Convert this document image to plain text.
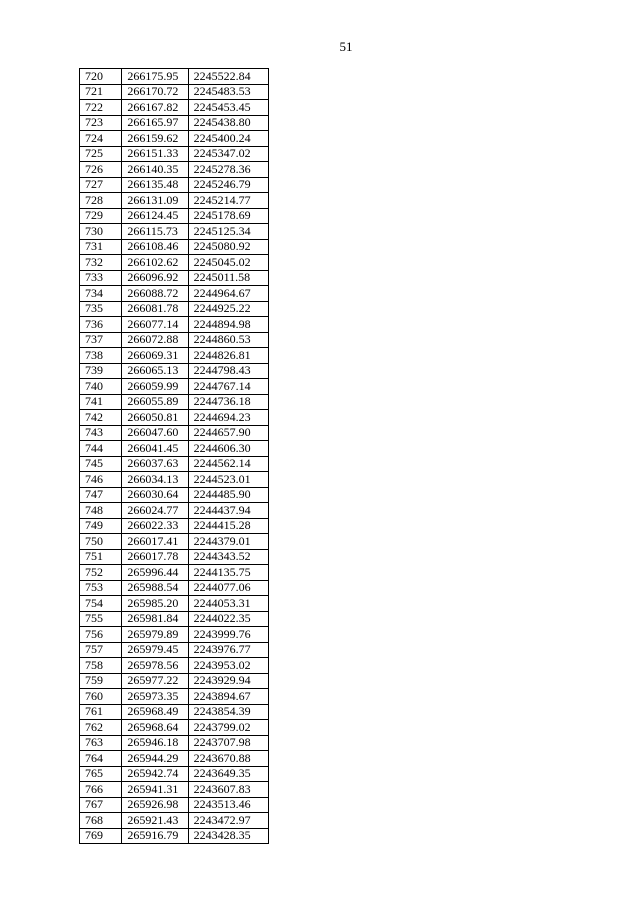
51
720	266175.95	2245522.84
721	266170.72	2245483.53
722	266167.82	2245453.45
723	266165.97	2245438.80
724	266159.62	2245400.24
725	266151.33	2245347.02
726	266140.35	2245278.36
727	266135.48	2245246.79
728	266131.09	2245214.77
729	266124.45	2245178.69
730	266115.73	2245125.34
731	266108.46	2245080.92
732	266102.62	2245045.02
733	266096.92	2245011.58
734	266088.72	2244964.67
735	266081.78	2244925.22
736	266077.14	2244894.98
737	266072.88	2244860.53
738	266069.31	2244826.81
739	266065.13	2244798.43
740	266059.99	2244767.14
741	266055.89	2244736.18
742	266050.81	2244694.23
743	266047.60	2244657.90
744	266041.45	2244606.30
745	266037.63	2244562.14
746	266034.13	2244523.01
747	266030.64	2244485.90
748	266024.77	2244437.94
749	266022.33	2244415.28
750	266017.41	2244379.01
751	266017.78	2244343.52
752	265996.44	2244135.75
753	265988.54	2244077.06
754	265985.20	2244053.31
755	265981.84	2244022.35
756	265979.89	2243999.76
757	265979.45	2243976.77
758	265978.56	2243953.02
759	265977.22	2243929.94
760	265973.35	2243894.67
761	265968.49	2243854.39
762	265968.64	2243799.02
763	265946.18	2243707.98
764	265944.29	2243670.88
765	265942.74	2243649.35
766	265941.31	2243607.83
767	265926.98	2243513.46
768	265921.43	2243472.97
769	265916.79	2243428.35
